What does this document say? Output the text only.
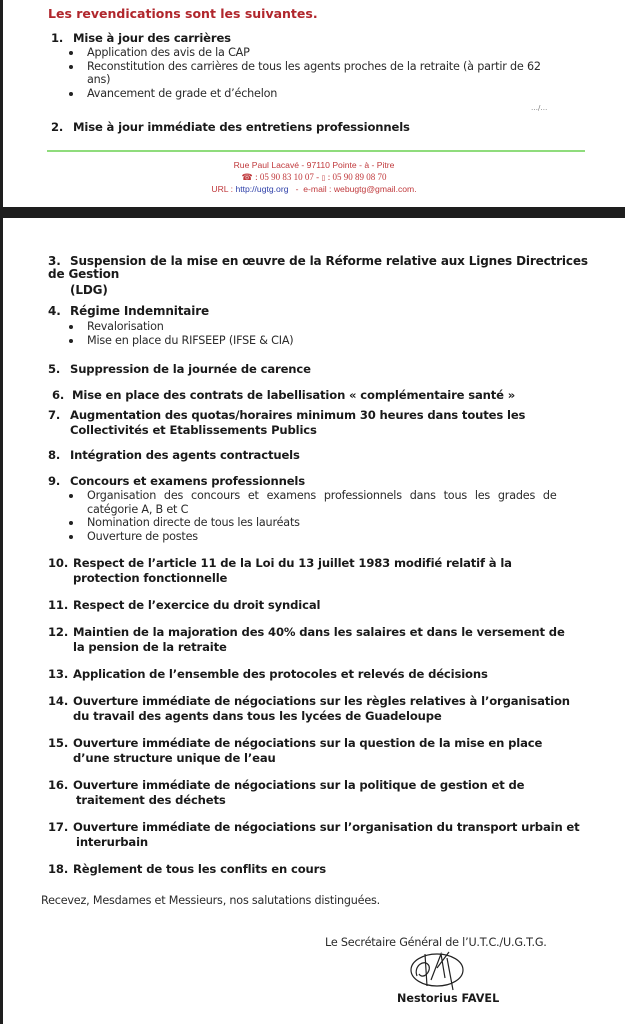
Les revendications sont les suivantes.
1. Mise à jour des carrières
Application des avis de la CAP
Reconstitution des carrières de tous les agents proches de la retraite (à partir de 62
ans)
Avancement de grade et d’échelon
…/…
2. Mise à jour immédiate des entretiens professionnels
Rue Paul Lacavé - 97110 Pointe - à - Pitre
☎ : 05 90 83 10 07 - ▯ : 05 90 89 08 70
URL : http://ugtg.org   -  e-mail : webugtg@gmail.com.
3. Suspension de la mise en œuvre de la Réforme relative aux Lignes Directrices
de Gestion
(LDG)
4. Régime Indemnitaire
Revalorisation
Mise en place du RIFSEEP (IFSE & CIA)
5. Suppression de la journée de carence
6. Mise en place des contrats de labellisation « complémentaire santé »
7. Augmentation des quotas/horaires minimum 30 heures dans toutes les
Collectivités et Etablissements Publics
8. Intégration des agents contractuels
9. Concours et examens professionnels
Organisation des concours et examens professionnels dans tous les grades de
catégorie A, B et C
Nomination directe de tous les lauréats
Ouverture de postes
10. Respect de l’article 11 de la Loi du 13 juillet 1983 modifié relatif à la
protection fonctionnelle
11. Respect de l’exercice du droit syndical
12. Maintien de la majoration des 40% dans les salaires et dans le versement de
la pension de la retraite
13. Application de l’ensemble des protocoles et relevés de décisions
14. Ouverture immédiate de négociations sur les règles relatives à l’organisation
du travail des agents dans tous les lycées de Guadeloupe
15. Ouverture immédiate de négociations sur la question de la mise en place
d’une structure unique de l’eau
16. Ouverture immédiate de négociations sur la politique de gestion et de
traitement des déchets
17. Ouverture immédiate de négociations sur l’organisation du transport urbain et
interurbain
18. Règlement de tous les conflits en cours
Recevez, Mesdames et Messieurs, nos salutations distinguées.
Le Secrétaire Général de l’U.T.C./U.G.T.G.
Nestorius FAVEL
